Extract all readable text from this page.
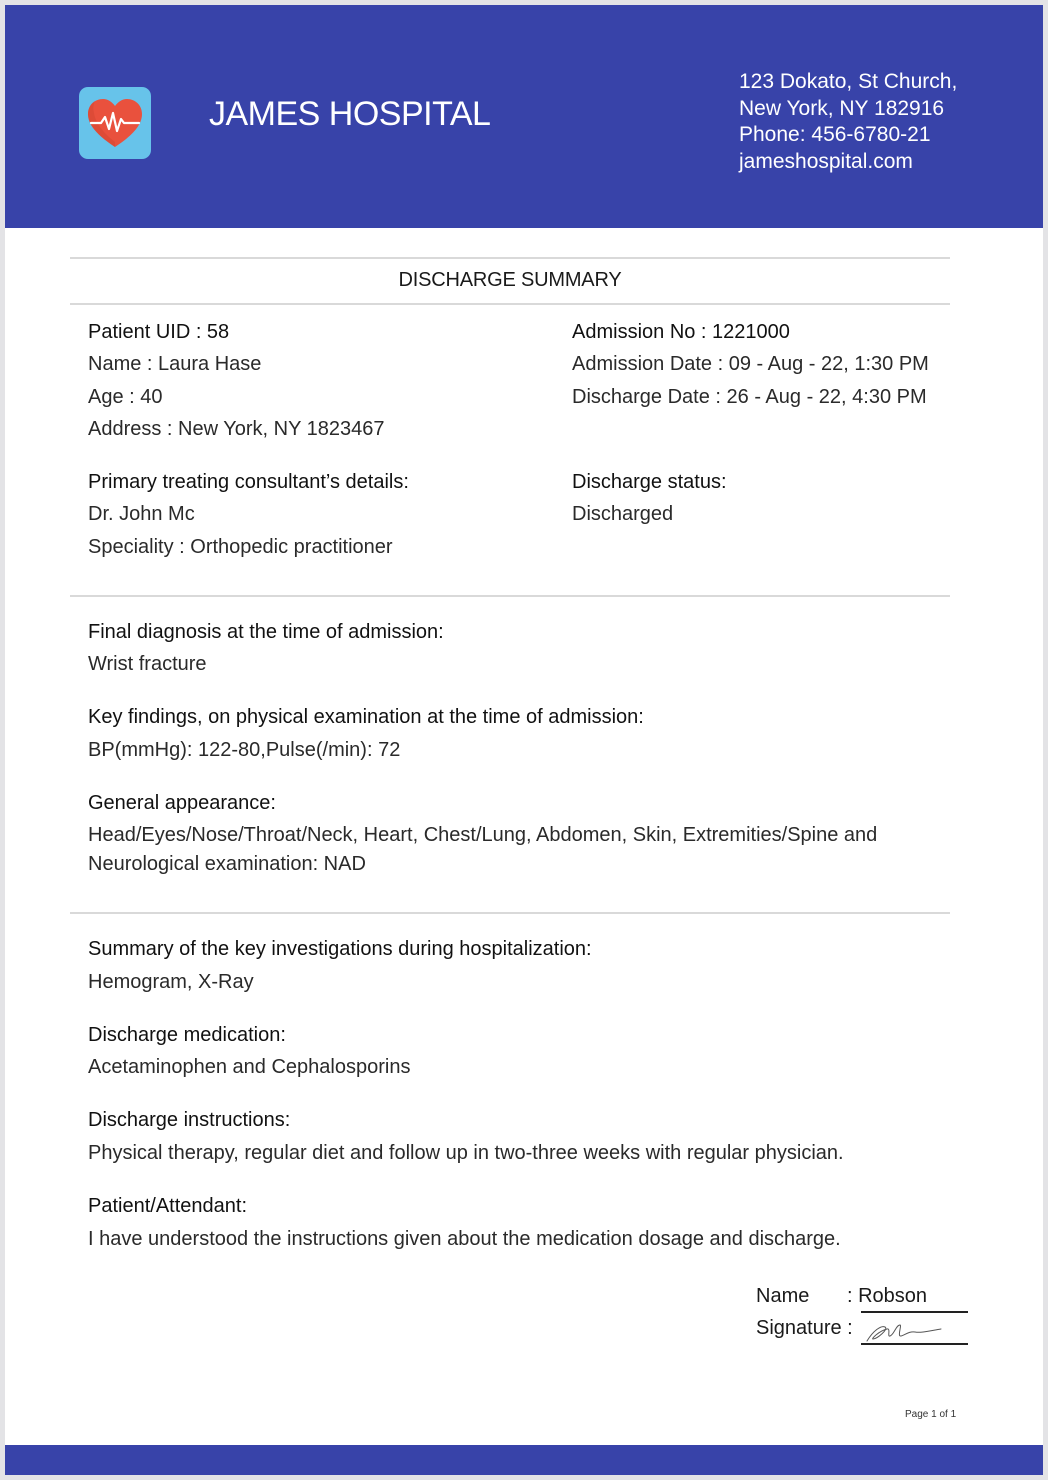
JAMES HOSPITAL
123 Dokato, St Church,
New York, NY 182916
Phone: 456-6780-21
jameshospital.com
DISCHARGE SUMMARY
Patient UID : 58
Name : Laura Hase
Age : 40
Address : New York, NY 1823467
Admission No : 1221000
Admission Date : 09 - Aug - 22, 1:30 PM
Discharge Date : 26 - Aug - 22, 4:30 PM
Primary treating consultant’s details:
Dr. John Mc
Speciality : Orthopedic practitioner
Discharge status:
Discharged
Final diagnosis at the time of admission:
Wrist fracture
Key findings, on physical examination at the time of admission:
BP(mmHg): 122-80,Pulse(/min): 72
General appearance:
Head/Eyes/Nose/Throat/Neck, Heart, Chest/Lung, Abdomen, Skin, Extremities/Spine and
Neurological examination: NAD
Summary of the key investigations during hospitalization:
Hemogram, X-Ray
Discharge medication:
Acetaminophen and Cephalosporins
Discharge instructions:
Physical therapy, regular diet and follow up in two-three weeks with regular physician.
Patient/Attendant:
I have understood the instructions given about the medication dosage and discharge.
Name : Robson
Signature :
Page 1 of 1
